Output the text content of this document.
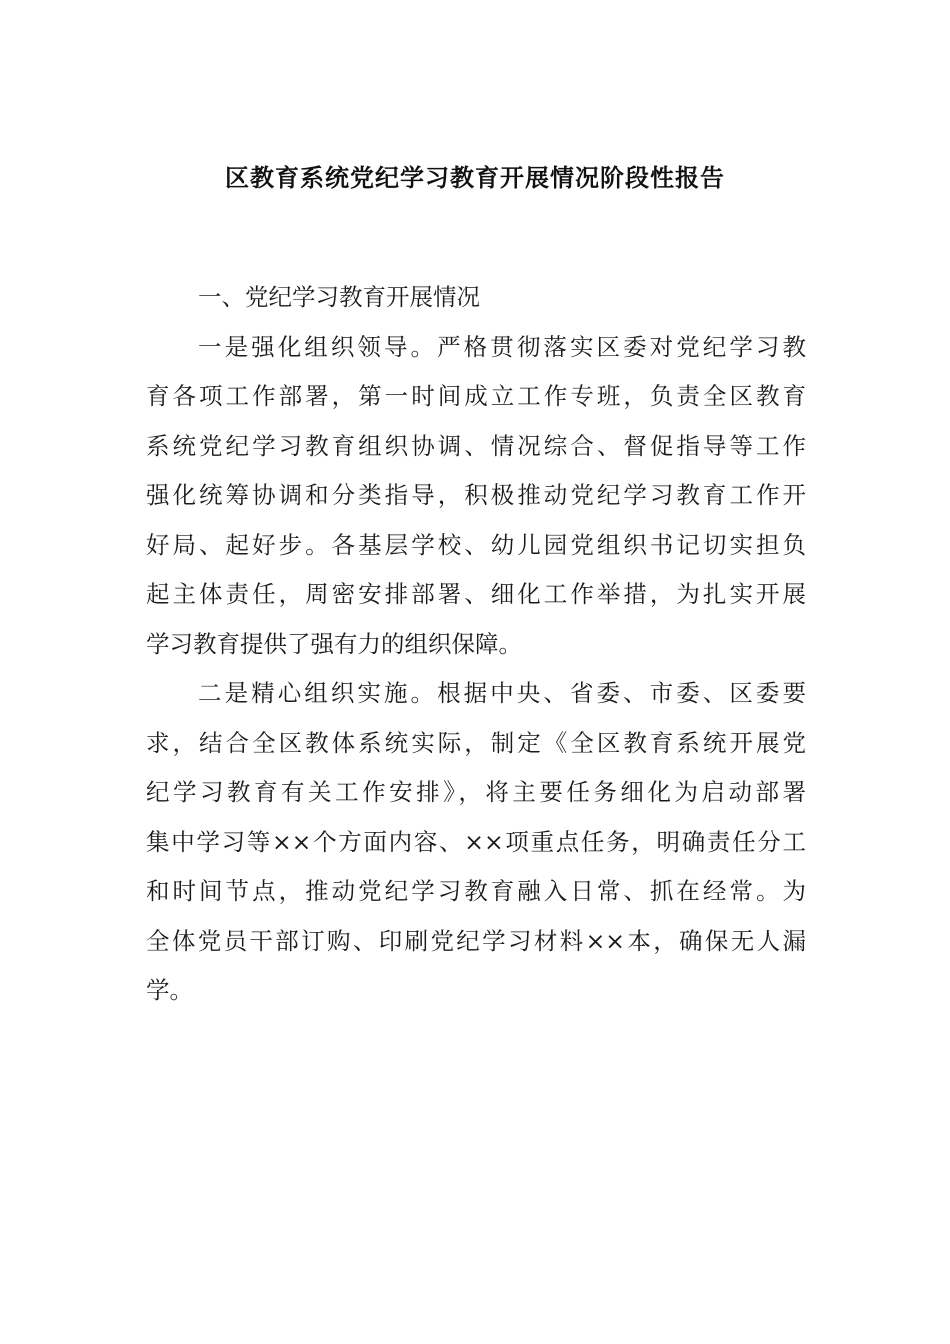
区教育系统党纪学习教育开展情况阶段性报告
一、党纪学习教育开展情况
一是强化组织领导。严格贯彻落实区委对党纪学习教
育各项工作部署，第一时间成立工作专班，负责全区教育
系统党纪学习教育组织协调、情况综合、督促指导等工作
强化统筹协调和分类指导，积极推动党纪学习教育工作开
好局、起好步。各基层学校、幼儿园党组织书记切实担负
起主体责任，周密安排部署、细化工作举措，为扎实开展
学习教育提供了强有力的组织保障。
二是精心组织实施。根据中央、省委、市委、区委要
求，结合全区教体系统实际，制定《全区教育系统开展党
纪学习教育有关工作安排》，将主要任务细化为启动部署
集中学习等××个方面内容、××项重点任务，明确责任分工
和时间节点，推动党纪学习教育融入日常、抓在经常。为
全体党员干部订购、印刷党纪学习材料××本，确保无人漏
学。
